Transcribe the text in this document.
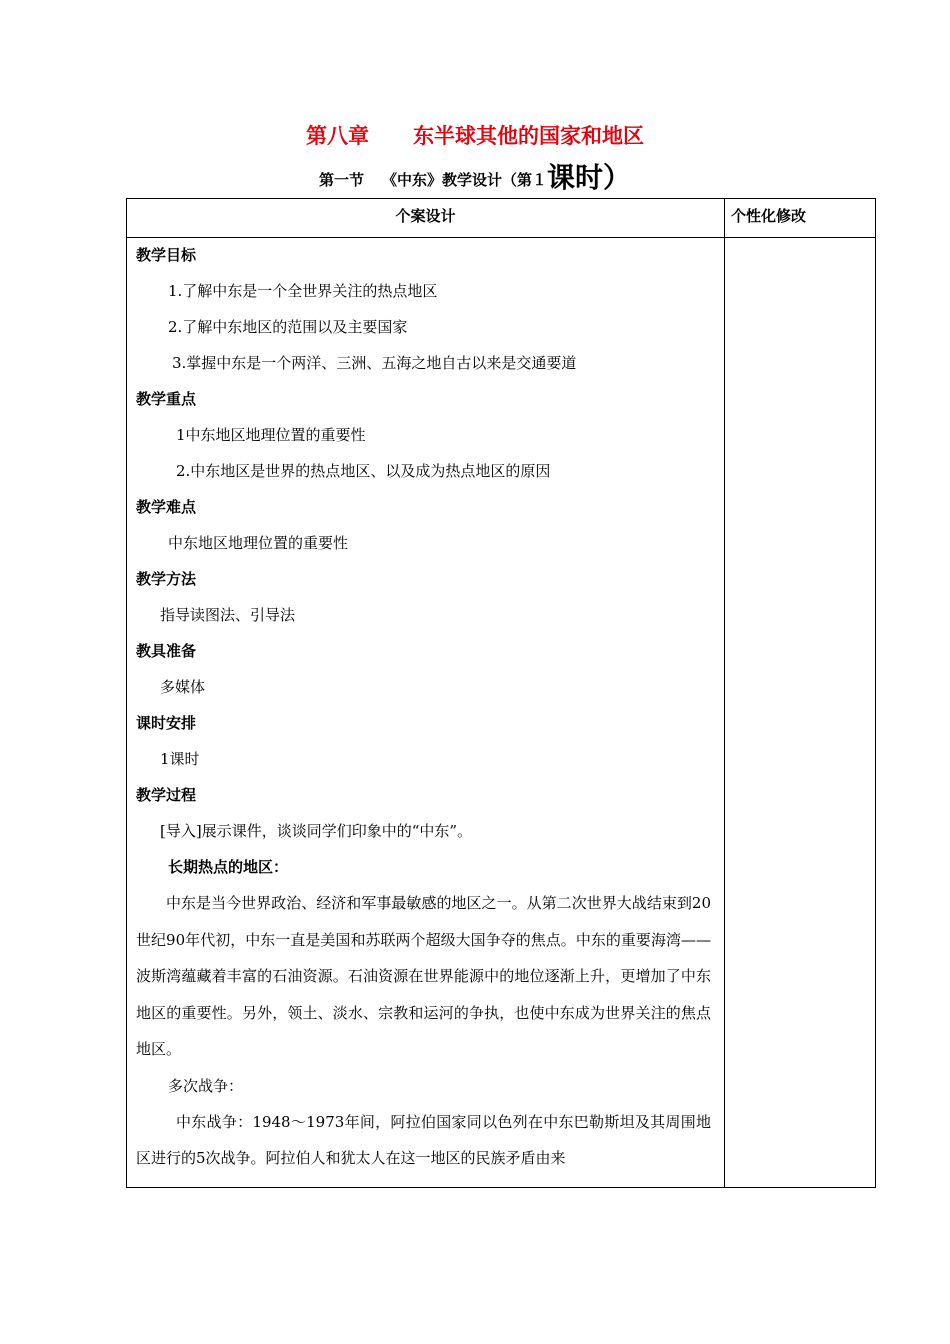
第八章 东半球其他的国家和地区
第一节 《中东》教学设计（第１课时）
个案设计	个性化修改
教学目标
1.了解中东是一个全世界关注的热点地区
2.了解中东地区的范围以及主要国家
3.掌握中东是一个两洋、三洲、五海之地自古以来是交通要道
教学重点
1中东地区地理位置的重要性
2.中东地区是世界的热点地区、以及成为热点地区的原因
教学难点
中东地区地理位置的重要性
教学方法
指导读图法、引导法
教具准备
多媒体
课时安排
1课时
教学过程
[导入]展示课件，谈谈同学们印象中的“中东”。
长期热点的地区：

中东是当今世界政治、经济和军事最敏感的地区之一。从第二次世界大战结束到20世纪90年代初，中东一直是美国和苏联两个超级大国争夺的焦点。中东的重要海湾——波斯湾蕴藏着丰富的石油资源。石油资源在世界能源中的地位逐渐上升，更增加了中东地区的重要性。另外，领土、淡水、宗教和运河的争执，也使中东成为世界关注的焦点地区。

多次战争：

中东战争：1948～1973年间，阿拉伯国家同以色列在中东巴勒斯坦及其周围地区进行的5次战争。阿拉伯人和犹太人在这一地区的民族矛盾由来
